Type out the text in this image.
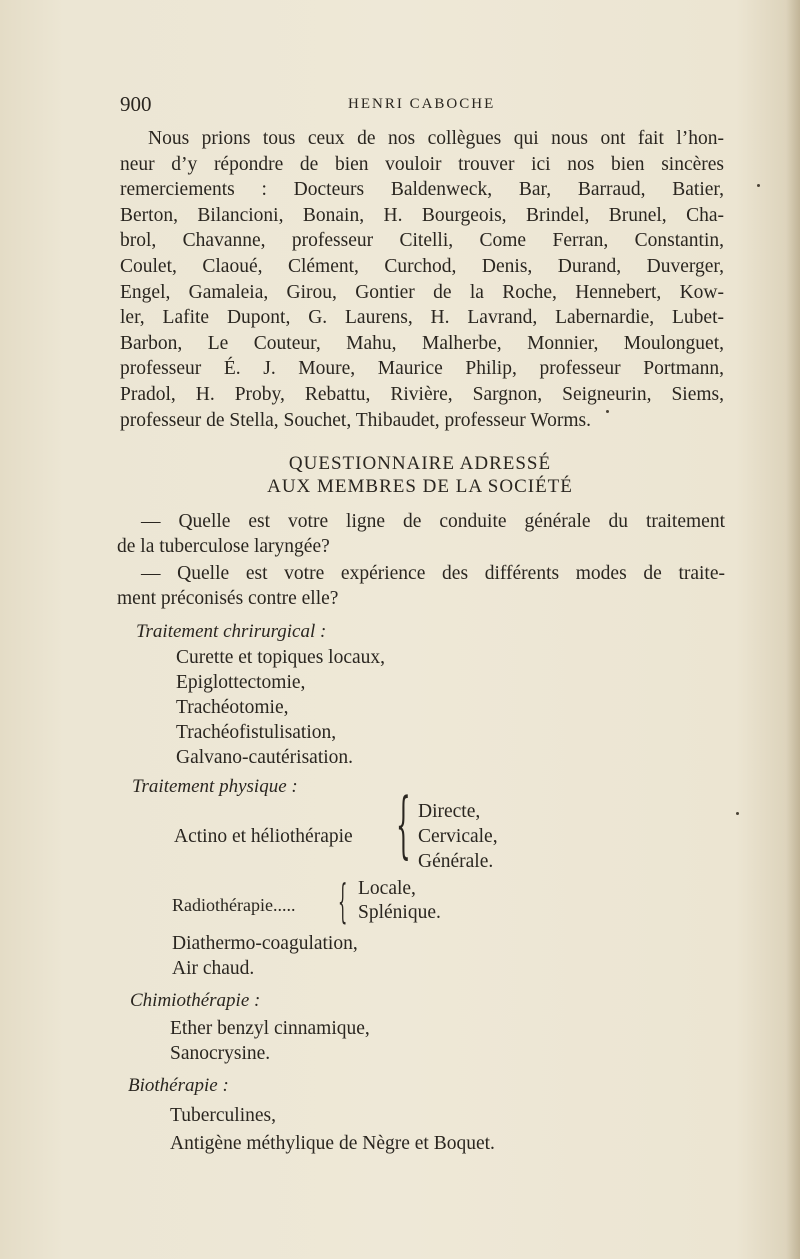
900	HENRI CABOCHE
Nous prions tous ceux de nos collègues qui nous ont fait l’hon-
neur d’y répondre de bien vouloir trouver ici nos bien sincères
remerciements : Docteurs Baldenweck, Bar, Barraud, Batier,
Berton, Bilancioni, Bonain, H. Bourgeois, Brindel, Brunel, Cha-
brol, Chavanne, professeur Citelli, Come Ferran, Constantin,
Coulet, Claoué, Clément, Curchod, Denis, Durand, Duverger,
Engel, Gamaleia, Girou, Gontier de la Roche, Hennebert, Kow-
ler, Lafite Dupont, G. Laurens, H. Lavrand, Labernardie, Lubet-
Barbon, Le Couteur, Mahu, Malherbe, Monnier, Moulonguet,
professeur É. J. Moure, Maurice Philip, professeur Portmann,
Pradol, H. Proby, Rebattu, Rivière, Sargnon, Seigneurin, Siems,
professeur de Stella, Souchet, Thibaudet, professeur Worms.
QUESTIONNAIRE ADRESSÉ
AUX MEMBRES DE LA SOCIÉTÉ
— Quelle est votre ligne de conduite générale du traitement
de la tuberculose laryngée?
— Quelle est votre expérience des différents modes de traite-
ment préconisés contre elle?
Traitement chrirurgical :
Curette et topiques locaux,
Epiglottectomie,
Trachéotomie,
Trachéofistulisation,
Galvano-cautérisation.
Traitement physique :
Actino et héliothérapie { Directe,
Cervicale,
Générale.
Radiothérapie..... { Locale,
Splénique.
Diathermo-coagulation,
Air chaud.
Chimiothérapie :
Ether benzyl cinnamique,
Sanocrysine.
Biothérapie :
Tuberculines,
Antigène méthylique de Nègre et Boquet.
